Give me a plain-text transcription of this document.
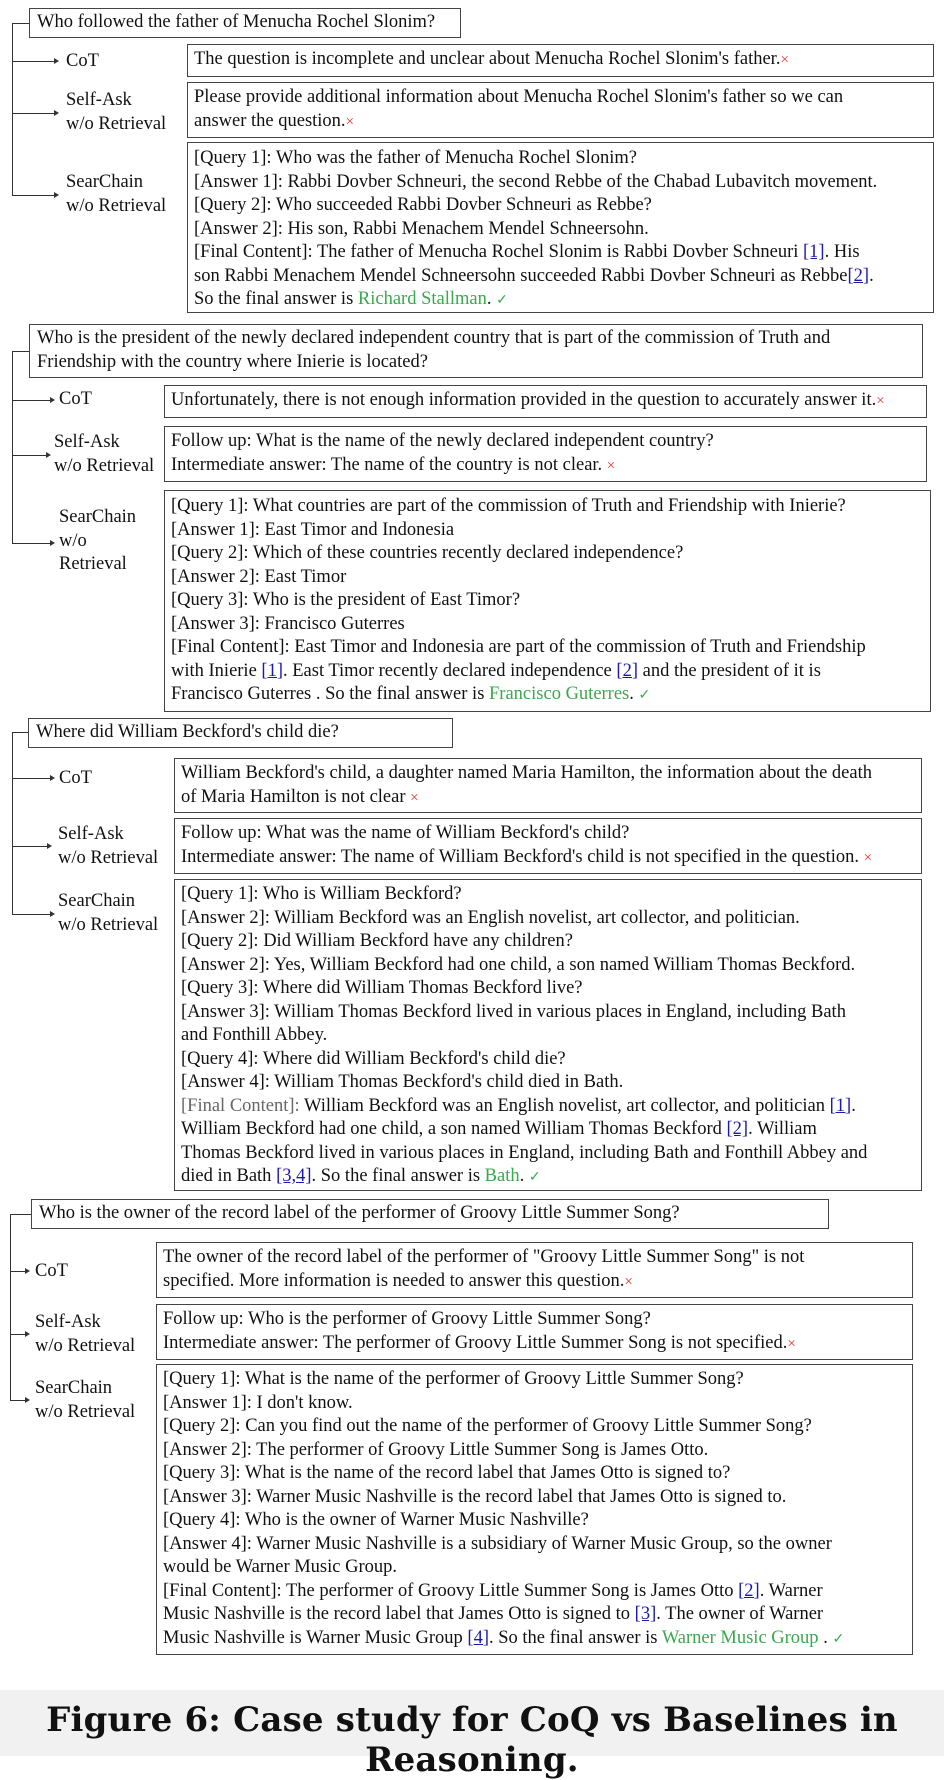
Who followed the father of Menucha Rochel Slonim?
CoT
Self-Ask
w/o Retrieval
SearChain
w/o Retrieval
The question is incomplete and unclear about Menucha Rochel Slonim's father.×
Please provide additional information about Menucha Rochel Slonim's father so we can
answer the question.×
[Query 1]: Who was the father of Menucha Rochel Slonim?
[Answer 1]: Rabbi Dovber Schneuri, the second Rebbe of the Chabad Lubavitch movement.
[Query 2]: Who succeeded Rabbi Dovber Schneuri as Rebbe?
[Answer 2]: His son, Rabbi Menachem Mendel Schneersohn.
[Final Content]: The father of Menucha Rochel Slonim is Rabbi Dovber Schneuri [1]. His
son Rabbi Menachem Mendel Schneersohn succeeded Rabbi Dovber Schneuri as Rebbe[2].
So the final answer is Richard Stallman. ✓
Who is the president of the newly declared independent country that is part of the commission of Truth and
Friendship with the country where Inierie is located?
CoT
Self-Ask
w/o Retrieval
SearChain
w/o
Retrieval
Unfortunately, there is not enough information provided in the question to accurately answer it.×
Follow up: What is the name of the newly declared independent country?
Intermediate answer: The name of the country is not clear. ×
[Query 1]: What countries are part of the commission of Truth and Friendship with Inierie?
[Answer 1]: East Timor and Indonesia
[Query 2]: Which of these countries recently declared independence?
[Answer 2]: East Timor
[Query 3]: Who is the president of East Timor?
[Answer 3]: Francisco Guterres
[Final Content]: East Timor and Indonesia are part of the commission of Truth and Friendship
with Inierie [1]. East Timor recently declared independence [2] and the president of it is
Francisco Guterres . So the final answer is Francisco Guterres. ✓
Where did William Beckford's child die?
CoT
Self-Ask
w/o Retrieval
SearChain
w/o Retrieval
William Beckford's child, a daughter named Maria Hamilton, the information about the death
of Maria Hamilton is not clear ×
Follow up: What was the name of William Beckford's child?
Intermediate answer: The name of William Beckford's child is not specified in the question. ×
[Query 1]: Who is William Beckford?
[Answer 2]: William Beckford was an English novelist, art collector, and politician.
[Query 2]: Did William Beckford have any children?
[Answer 2]: Yes, William Beckford had one child, a son named William Thomas Beckford.
[Query 3]: Where did William Thomas Beckford live?
[Answer 3]: William Thomas Beckford lived in various places in England, including Bath
and Fonthill Abbey.
[Query 4]: Where did William Beckford's child die?
[Answer 4]: William Thomas Beckford's child died in Bath.
[Final Content]: William Beckford was an English novelist, art collector, and politician [1].
William Beckford had one child, a son named William Thomas Beckford [2]. William
Thomas Beckford lived in various places in England, including Bath and Fonthill Abbey and
died in Bath [3,4]. So the final answer is Bath. ✓
Who is the owner of the record label of the performer of Groovy Little Summer Song?
CoT
Self-Ask
w/o Retrieval
SearChain
w/o Retrieval
The owner of the record label of the performer of "Groovy Little Summer Song" is not
specified. More information is needed to answer this question.×
Follow up: Who is the performer of Groovy Little Summer Song?
Intermediate answer: The performer of Groovy Little Summer Song is not specified.×
[Query 1]: What is the name of the performer of Groovy Little Summer Song?
[Answer 1]: I don't know.
[Query 2]: Can you find out the name of the performer of Groovy Little Summer Song?
[Answer 2]: The performer of Groovy Little Summer Song is James Otto.
[Query 3]: What is the name of the record label that James Otto is signed to?
[Answer 3]: Warner Music Nashville is the record label that James Otto is signed to.
[Query 4]: Who is the owner of Warner Music Nashville?
[Answer 4]: Warner Music Nashville is a subsidiary of Warner Music Group, so the owner
would be Warner Music Group.
[Final Content]: The performer of Groovy Little Summer Song is James Otto [2]. Warner
Music Nashville is the record label that James Otto is signed to [3]. The owner of Warner
Music Nashville is Warner Music Group [4]. So the final answer is Warner Music Group . ✓
Figure 6: Case study for CoQ vs Baselines in Reasoning.
